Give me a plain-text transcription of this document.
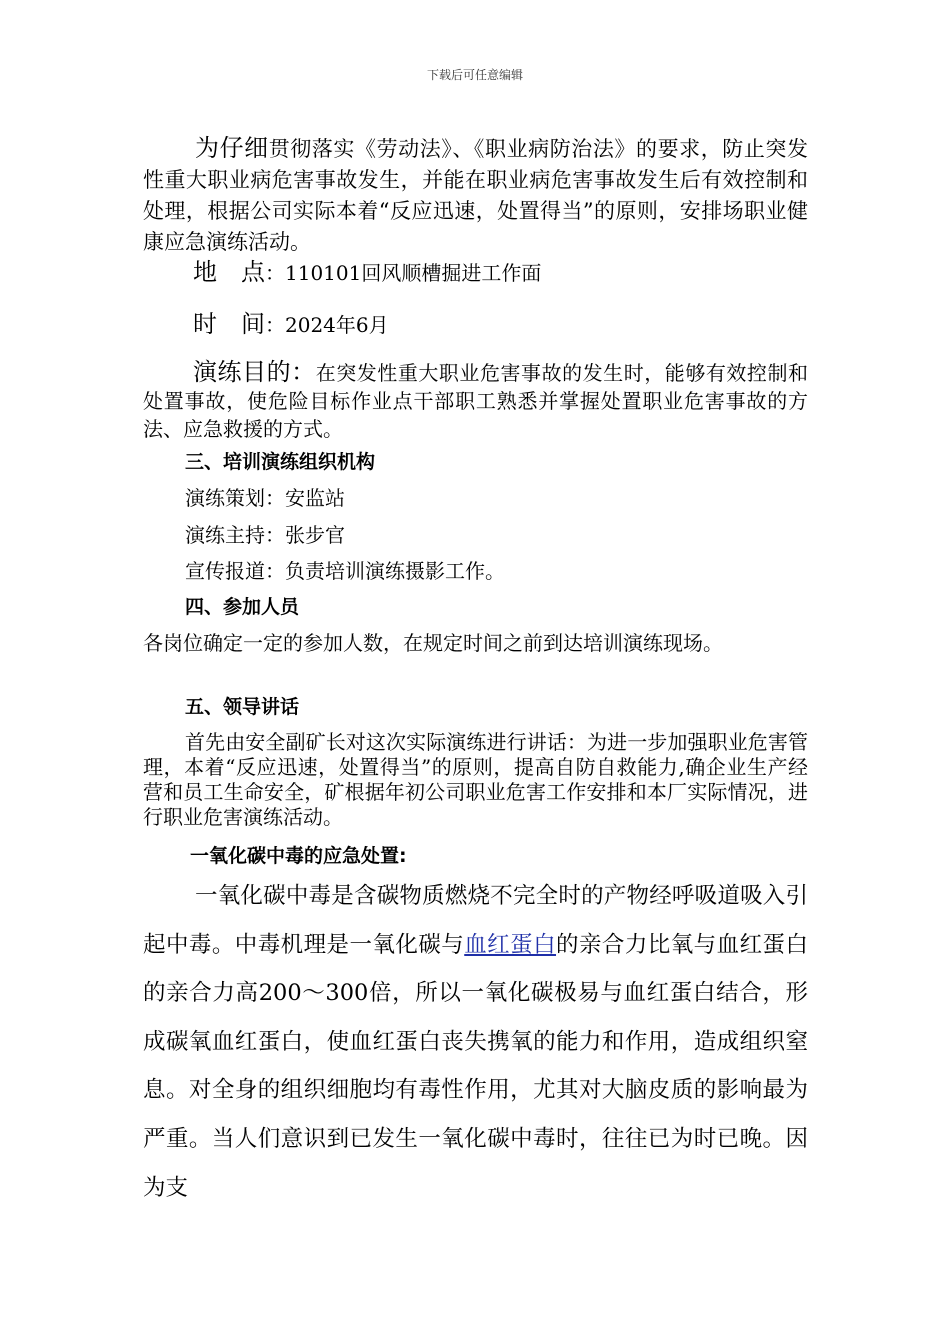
下载后可任意编辑

为仔细贯彻落实《劳动法》、《职业病防治法》的要求，防止突发性重大职业病危害事故发生，并能在职业病危害事故发生后有效控制和处理，根据公司实际本着“反应迅速，处置得当”的原则，安排场职业健康应急演练活动。

地　点：110101回风顺槽掘进工作面
时　间：2024年6月

演练目的：在突发性重大职业危害事故的发生时，能够有效控制和处置事故，使危险目标作业点干部职工熟悉并掌握处置职业危害事故的方法、应急救援的方式。

三、培训演练组织机构
演练策划：安监站
演练主持：张步官
宣传报道：负责培训演练摄影工作。
四、参加人员

各岗位确定一定的参加人数，在规定时间之前到达培训演练现场。

五、领导讲话

首先由安全副矿长对这次实际演练进行讲话：为进一步加强职业危害管理，本着“反应迅速，处置得当”的原则，提高自防自救能力,确企业生产经营和员工生命安全，矿根据年初公司职业危害工作安排和本厂实际情况，进行职业危害演练活动。

一氧化碳中毒的应急处置:

一氧化碳中毒是含碳物质燃烧不完全时的产物经呼吸道吸入引起中毒。中毒机理是一氧化碳与血红蛋白的亲合力比氧与血红蛋白的亲合力高200～300倍，所以一氧化碳极易与血红蛋白结合，形成碳氧血红蛋白，使血红蛋白丧失携氧的能力和作用，造成组织窒息。对全身的组织细胞均有毒性作用，尤其对大脑皮质的影响最为严重。当人们意识到已发生一氧化碳中毒时，往往已为时已晚。因为支
